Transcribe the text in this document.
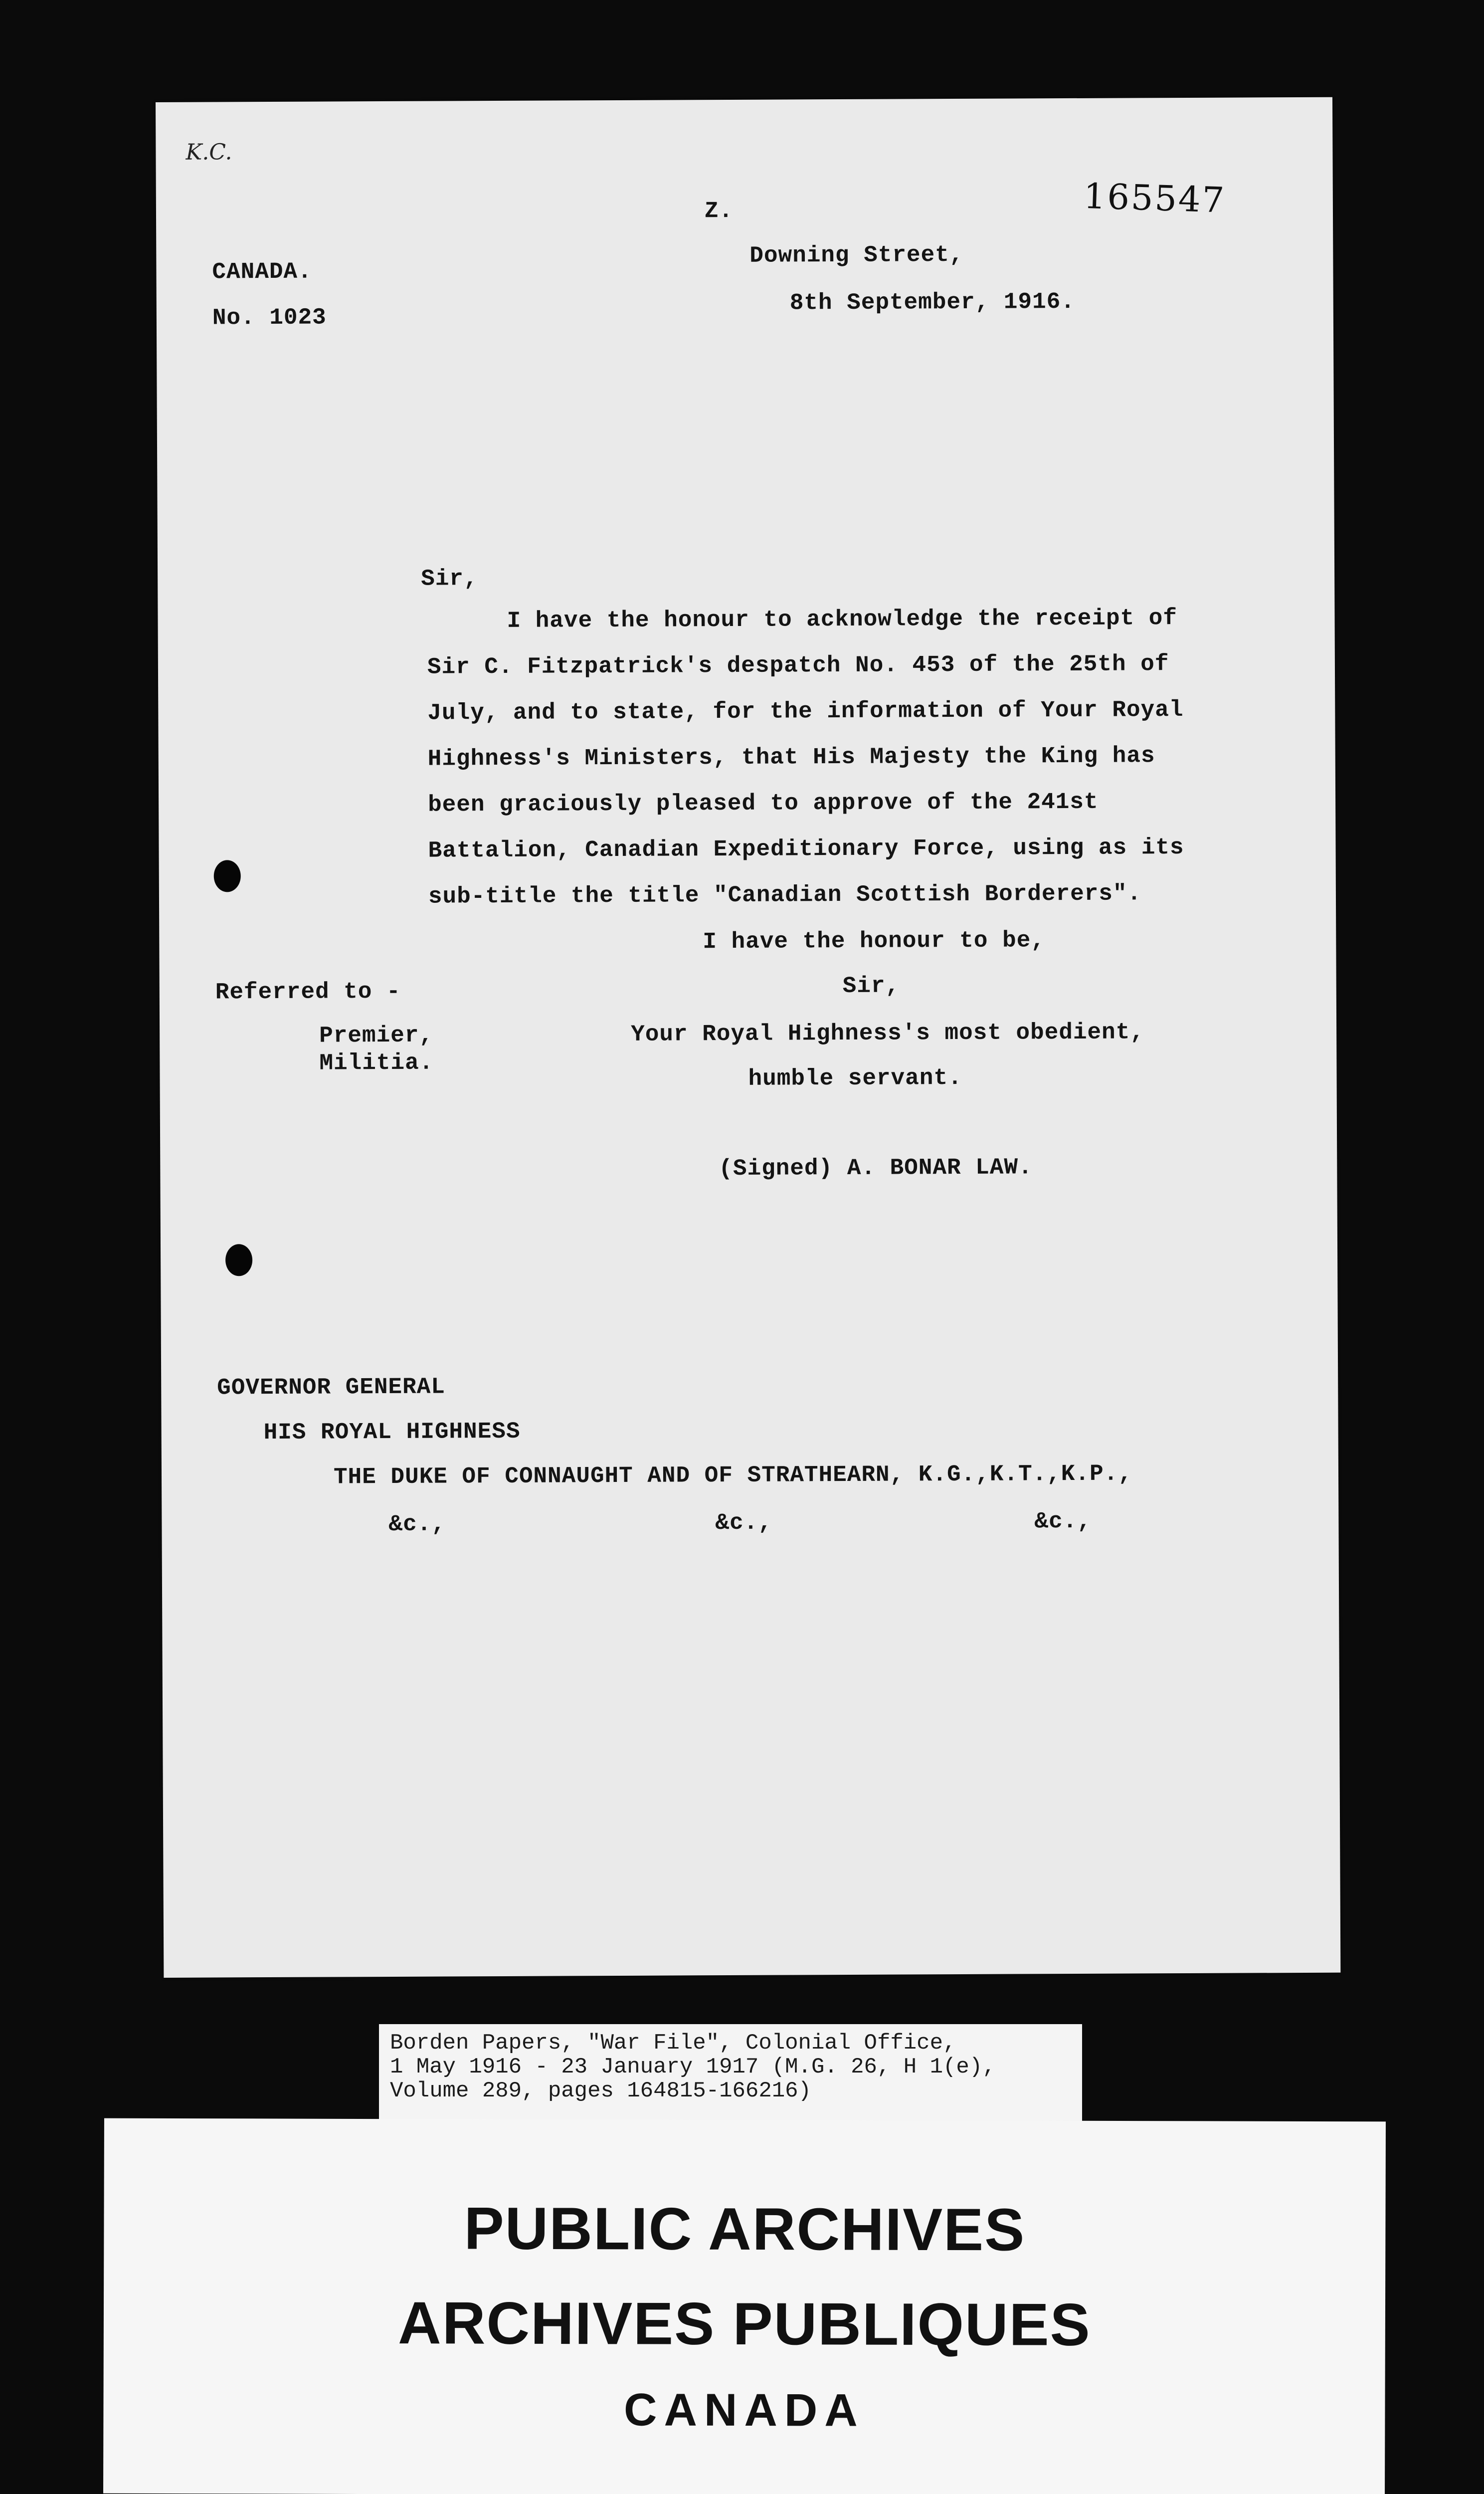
K.C.
165547
Z.
Downing Street,
8th September, 1916.
CANADA.
No. 1023
Sir,
I have the honour to acknowledge the receipt of
Sir C. Fitzpatrick's despatch No. 453 of the 25th of
July, and to state, for the information of Your Royal
Highness's Ministers, that His Majesty the King has
been graciously pleased to approve of the 241st
Battalion, Canadian Expeditionary Force, using as its
sub-title the title "Canadian Scottish Borderers".
I have the honour to be,
Sir,
Referred to -
Premier,
Militia.
Your Royal Highness's most obedient,
humble servant.
(Signed) A. BONAR LAW.
GOVERNOR GENERAL
HIS ROYAL HIGHNESS
THE DUKE OF CONNAUGHT AND OF STRATHEARN, K.G.,K.T.,K.P.,
&c.,	&c.,	&c.,
Borden Papers, "War File", Colonial Office,
1 May 1916 - 23 January 1917 (M.G. 26, H 1(e),
Volume 289, pages 164815-166216)
PUBLIC ARCHIVES
ARCHIVES PUBLIQUES
CANADA
